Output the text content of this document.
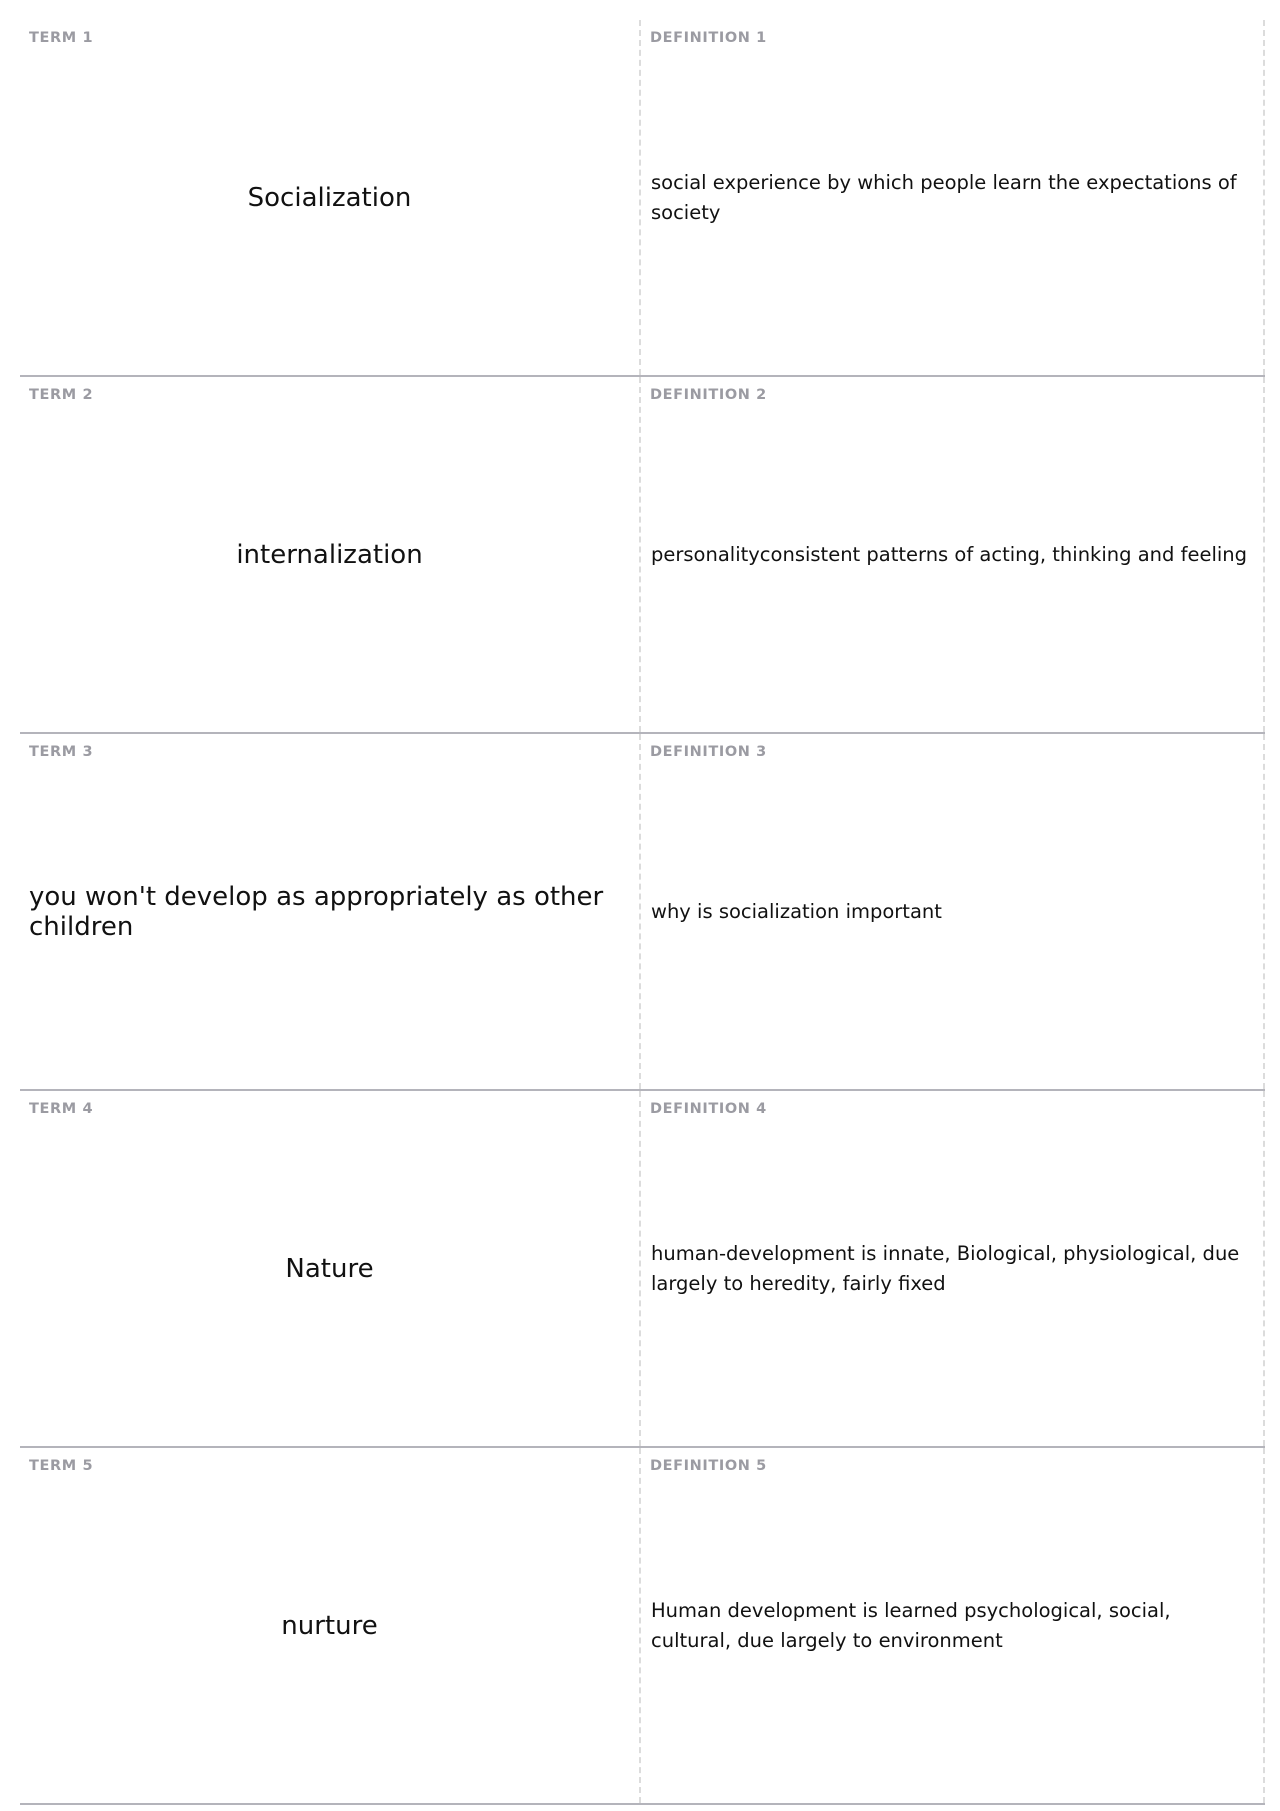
TERM 1
Socialization
DEFINITION 1
social experience by which people learn the expectations of society
TERM 2
internalization
DEFINITION 2
personalityconsistent patterns of acting, thinking and feeling
TERM 3
you won't develop as appropriately as other children
DEFINITION 3
why is socialization important
TERM 4
Nature
DEFINITION 4
human-development is innate, Biological, physiological, due largely to heredity, fairly fixed
TERM 5
nurture
DEFINITION 5
Human development is learned psychological, social, cultural, due largely to environment
